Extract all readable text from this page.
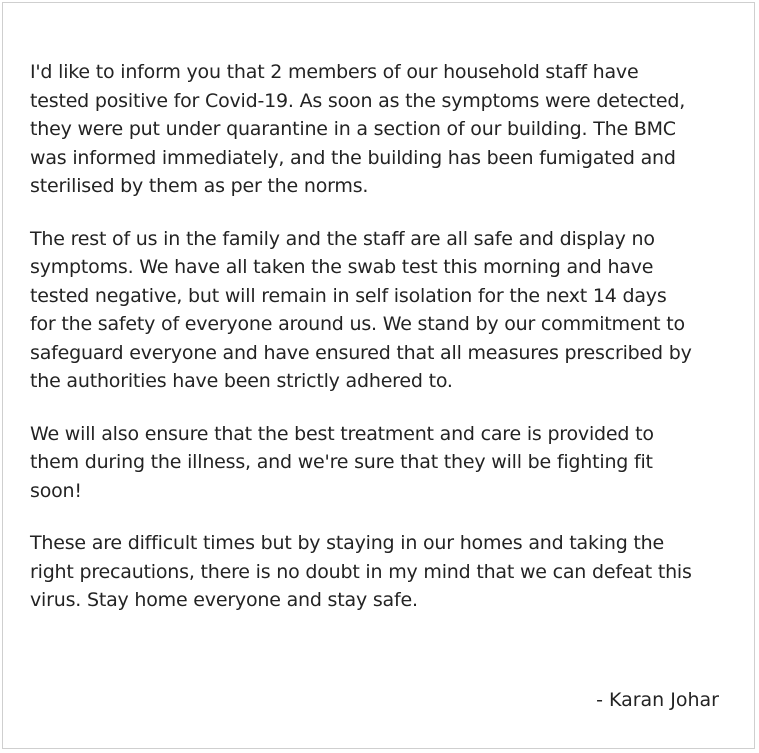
I'd like to inform you that 2 members of our household staff have
tested positive for Covid-19. As soon as the symptoms were detected,
they were put under quarantine in a section of our building. The BMC
was informed immediately, and the building has been fumigated and
sterilised by them as per the norms.

The rest of us in the family and the staff are all safe and display no
symptoms. We have all taken the swab test this morning and have
tested negative, but will remain in self isolation for the next 14 days
for the safety of everyone around us. We stand by our commitment to
safeguard everyone and have ensured that all measures prescribed by
the authorities have been strictly adhered to.

We will also ensure that the best treatment and care is provided to
them during the illness, and we're sure that they will be fighting fit
soon!

These are difficult times but by staying in our homes and taking the
right precautions, there is no doubt in my mind that we can defeat this
virus. Stay home everyone and stay safe.

- Karan Johar
